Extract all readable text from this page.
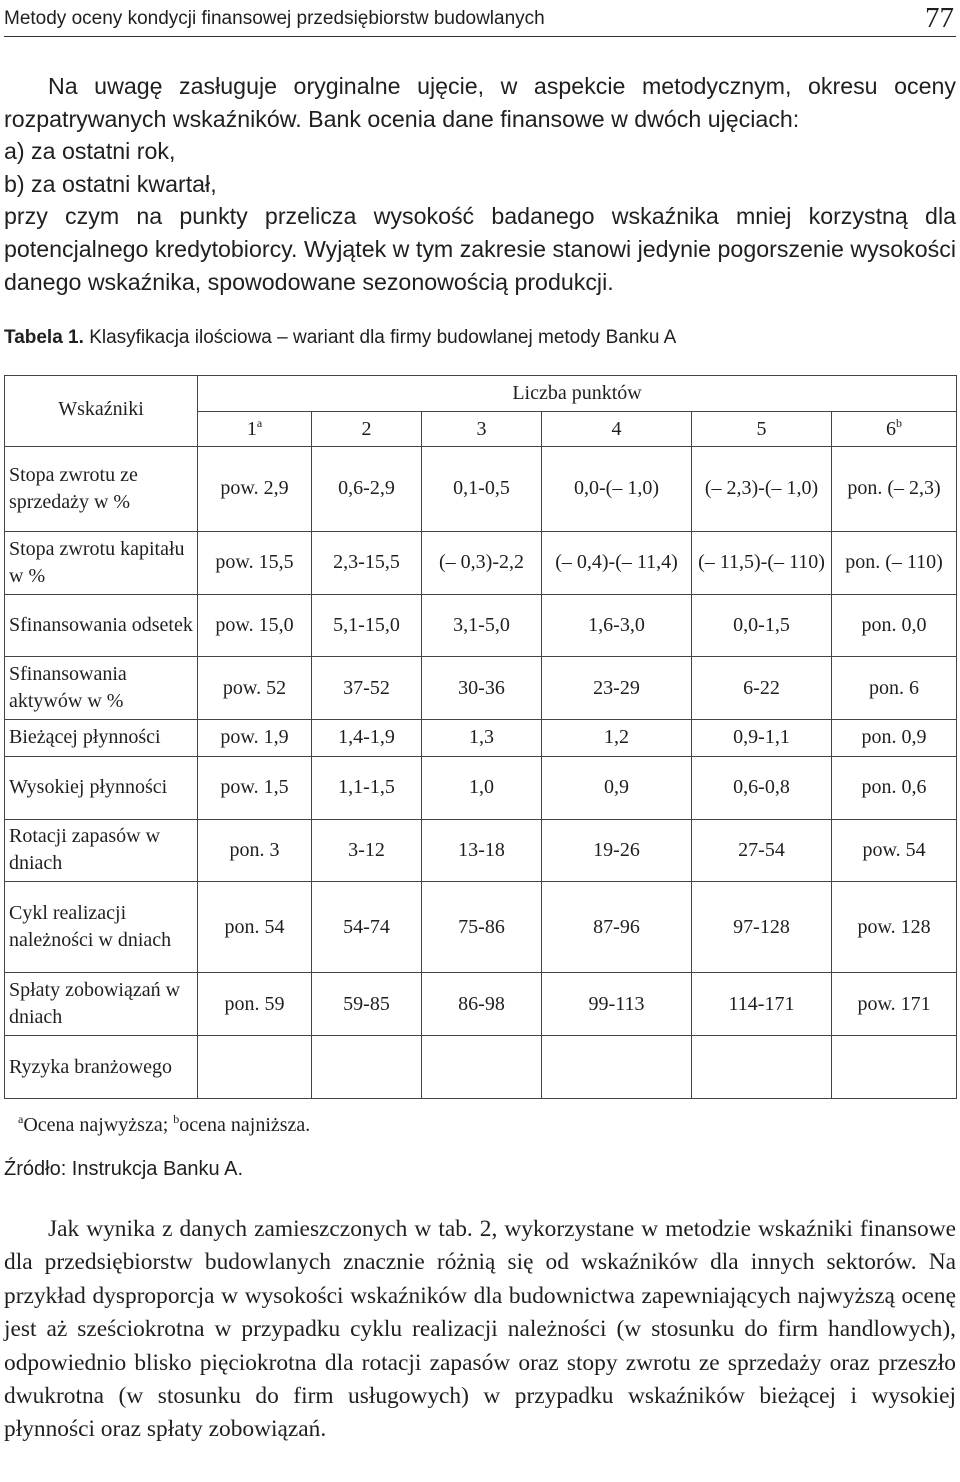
Metody oceny kondycji finansowej przedsiębiorstw budowlanych	77

Na uwagę zasługuje oryginalne ujęcie, w aspekcie metodycznym, okresu oceny rozpatrywanych wskaźników. Bank ocenia dane finansowe w dwóch ujęciach:

a) za ostatni rok,

b) za ostatni kwartał,

przy czym na punkty przelicza wysokość badanego wskaźnika mniej korzystną dla potencjalnego kredytobiorcy. Wyjątek w tym zakresie stanowi jedynie pogorszenie wysokości danego wskaźnika, spowodowane sezonowością produkcji.

Tabela 1. Klasyfikacja ilościowa – wariant dla firmy budowlanej metody Banku A
Wskaźniki	Liczba punktów					
	1$^a$	2	3	4	5	6$^b$
Stopa zwrotu ze sprzedaży w %	pow. 2,9	0,6-2,9	0,1-0,5	0,0-(– 1,0)	(– 2,3)-(– 1,0)	pon. (– 2,3)
Stopa zwrotu kapitału w %	pow. 15,5	2,3-15,5	(– 0,3)-2,2	(– 0,4)-(– 11,4)	(– 11,5)-(– 110)	pon. (– 110)
Sfinansowania odsetek	pow. 15,0	5,1-15,0	3,1-5,0	1,6-3,0	0,0-1,5	pon. 0,0
Sfinansowania aktywów w %	pow. 52	37-52	30-36	23-29	6-22	pon. 6
Bieżącej płynności	pow. 1,9	1,4-1,9	1,3	1,2	0,9-1,1	pon. 0,9
Wysokiej płynności	pow. 1,5	1,1-1,5	1,0	0,9	0,6-0,8	pon. 0,6
Rotacji zapasów w dniach	pon. 3	3-12	13-18	19-26	27-54	pow. 54
Cykl realizacji należności w dniach	pon. 54	54-74	75-86	87-96	97-128	pow. 128
Spłaty zobowiązań w dniach	pon. 59	59-85	86-98	99-113	114-171	pow. 171
Ryzyka branżowego						
$^a$Ocena najwyższa; $^b$ocena najniższa.
Źródło: Instrukcja Banku A.

Jak wynika z danych zamieszczonych w tab. 2, wykorzystane w metodzie wskaźniki finansowe dla przedsiębiorstw budowlanych znacznie różnią się od wskaźników dla innych sektorów. Na przykład dysproporcja w wysokości wskaźników dla budownictwa zapewniających najwyższą ocenę jest aż sześciokrotna w przypadku cyklu realizacji należności (w stosunku do firm handlowych), odpowiednio blisko pięciokrotna dla rotacji zapasów oraz stopy zwrotu ze sprzedaży oraz przeszło dwukrotna (w stosunku do firm usługowych) w przypadku wskaźników bieżącej i wysokiej płynności oraz spłaty zobowiązań.
